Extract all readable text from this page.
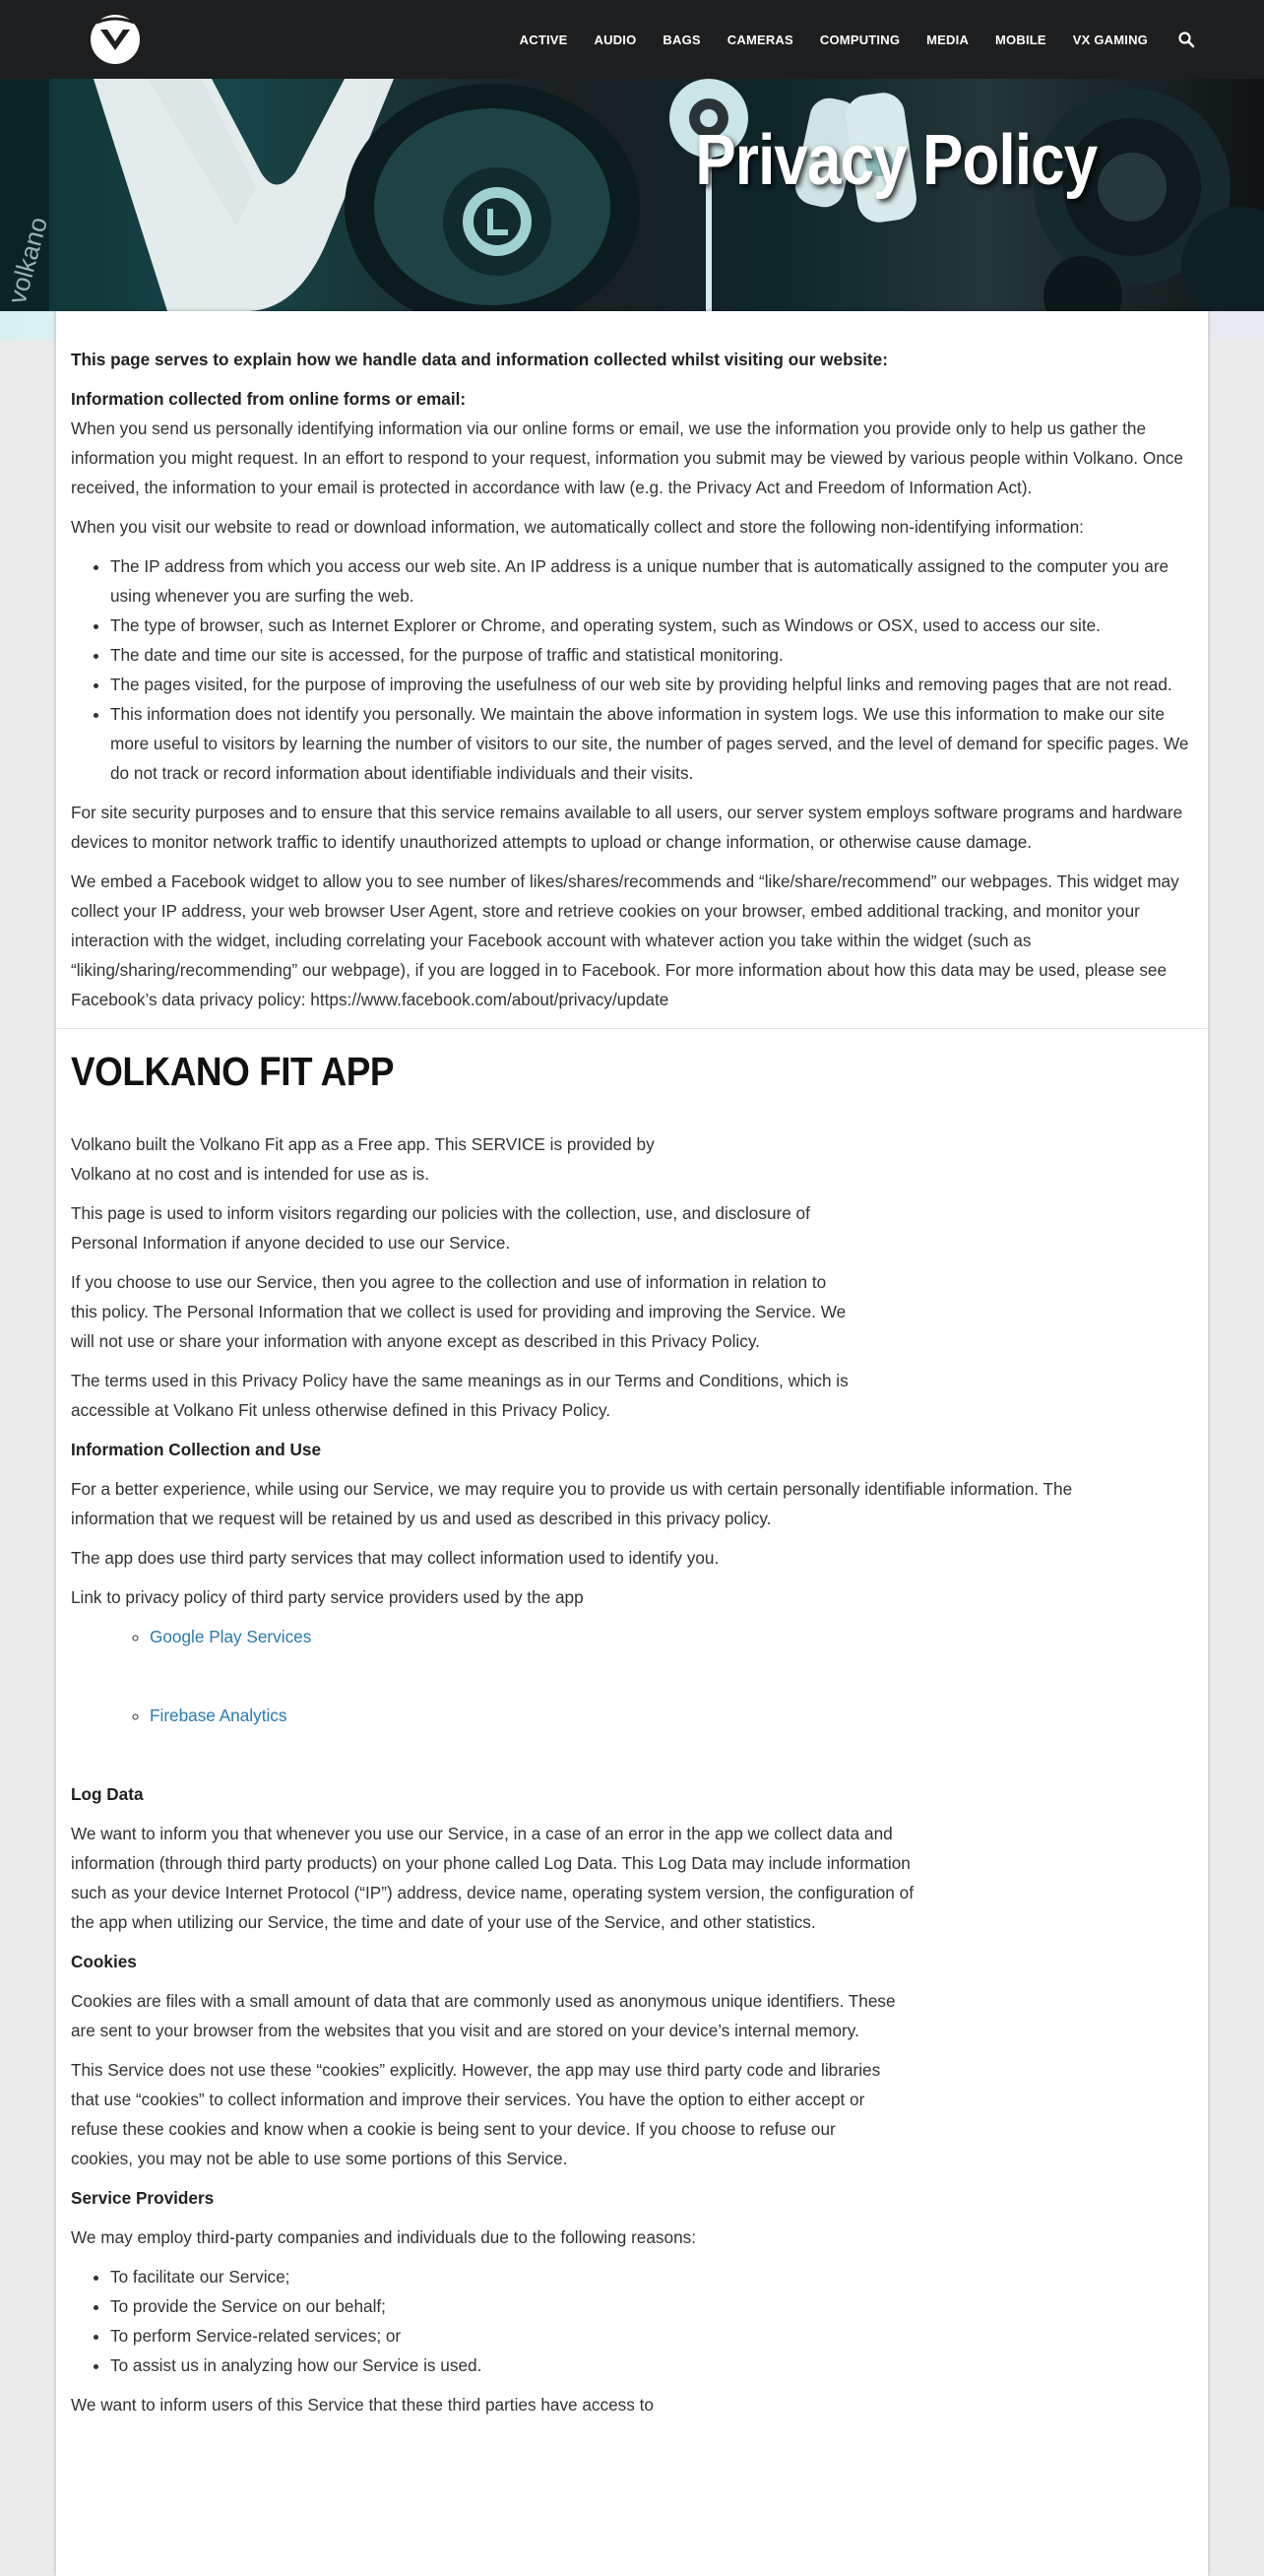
ACTIVE AUDIO BAGS CAMERAS COMPUTING MEDIA MOBILE VX GAMING
volkano
Privacy Policy

This page serves to explain how we handle data and information collected whilst visiting our website:

Information collected from online forms or email:

When you send us personally identifying information via our online forms or email, we use the information you provide only to help us gather the information you might request. In an effort to respond to your request, information you submit may be viewed by various people within Volkano. Once received, the information to your email is protected in accordance with law (e.g. the Privacy Act and Freedom of Information Act).

When you visit our website to read or download information, we automatically collect and store the following non-identifying information:

• The IP address from which you access our web site. An IP address is a unique number that is automatically assigned to the computer you are using whenever you are surfing the web.
• The type of browser, such as Internet Explorer or Chrome, and operating system, such as Windows or OSX, used to access our site.
• The date and time our site is accessed, for the purpose of traffic and statistical monitoring.
• The pages visited, for the purpose of improving the usefulness of our web site by providing helpful links and removing pages that are not read.
• This information does not identify you personally. We maintain the above information in system logs. We use this information to make our site more useful to visitors by learning the number of visitors to our site, the number of pages served, and the level of demand for specific pages. We do not track or record information about identifiable individuals and their visits.

For site security purposes and to ensure that this service remains available to all users, our server system employs software programs and hardware devices to monitor network traffic to identify unauthorized attempts to upload or change information, or otherwise cause damage.

We embed a Facebook widget to allow you to see number of likes/shares/recommends and “like/share/recommend” our webpages. This widget may collect your IP address, your web browser User Agent, store and retrieve cookies on your browser, embed additional tracking, and monitor your interaction with the widget, including correlating your Facebook account with whatever action you take within the widget (such as “liking/sharing/recommending” our webpage), if you are logged in to Facebook. For more information about how this data may be used, please see Facebook’s data privacy policy: https://www.facebook.com/about/privacy/update

VOLKANO FIT APP

Volkano built the Volkano Fit app as a Free app. This SERVICE is provided by Volkano at no cost and is intended for use as is.

This page is used to inform visitors regarding our policies with the collection, use, and disclosure of Personal Information if anyone decided to use our Service.

If you choose to use our Service, then you agree to the collection and use of information in relation to this policy. The Personal Information that we collect is used for providing and improving the Service. We will not use or share your information with anyone except as described in this Privacy Policy.

The terms used in this Privacy Policy have the same meanings as in our Terms and Conditions, which is accessible at Volkano Fit unless otherwise defined in this Privacy Policy.

Information Collection and Use

For a better experience, while using our Service, we may require you to provide us with certain personally identifiable information. The information that we request will be retained by us and used as described in this privacy policy.

The app does use third party services that may collect information used to identify you.

Link to privacy policy of third party service providers used by the app

◦ Google Play Services
◦ Firebase Analytics

Log Data

We want to inform you that whenever you use our Service, in a case of an error in the app we collect data and information (through third party products) on your phone called Log Data. This Log Data may include information such as your device Internet Protocol (“IP”) address, device name, operating system version, the configuration of the app when utilizing our Service, the time and date of your use of the Service, and other statistics.

Cookies

Cookies are files with a small amount of data that are commonly used as anonymous unique identifiers. These are sent to your browser from the websites that you visit and are stored on your device’s internal memory.

This Service does not use these “cookies” explicitly. However, the app may use third party code and libraries that use “cookies” to collect information and improve their services. You have the option to either accept or refuse these cookies and know when a cookie is being sent to your device. If you choose to refuse our cookies, you may not be able to use some portions of this Service.

Service Providers

We may employ third-party companies and individuals due to the following reasons:

• To facilitate our Service;
• To provide the Service on our behalf;
• To perform Service-related services; or
• To assist us in analyzing how our Service is used.

We want to inform users of this Service that these third parties have access to
